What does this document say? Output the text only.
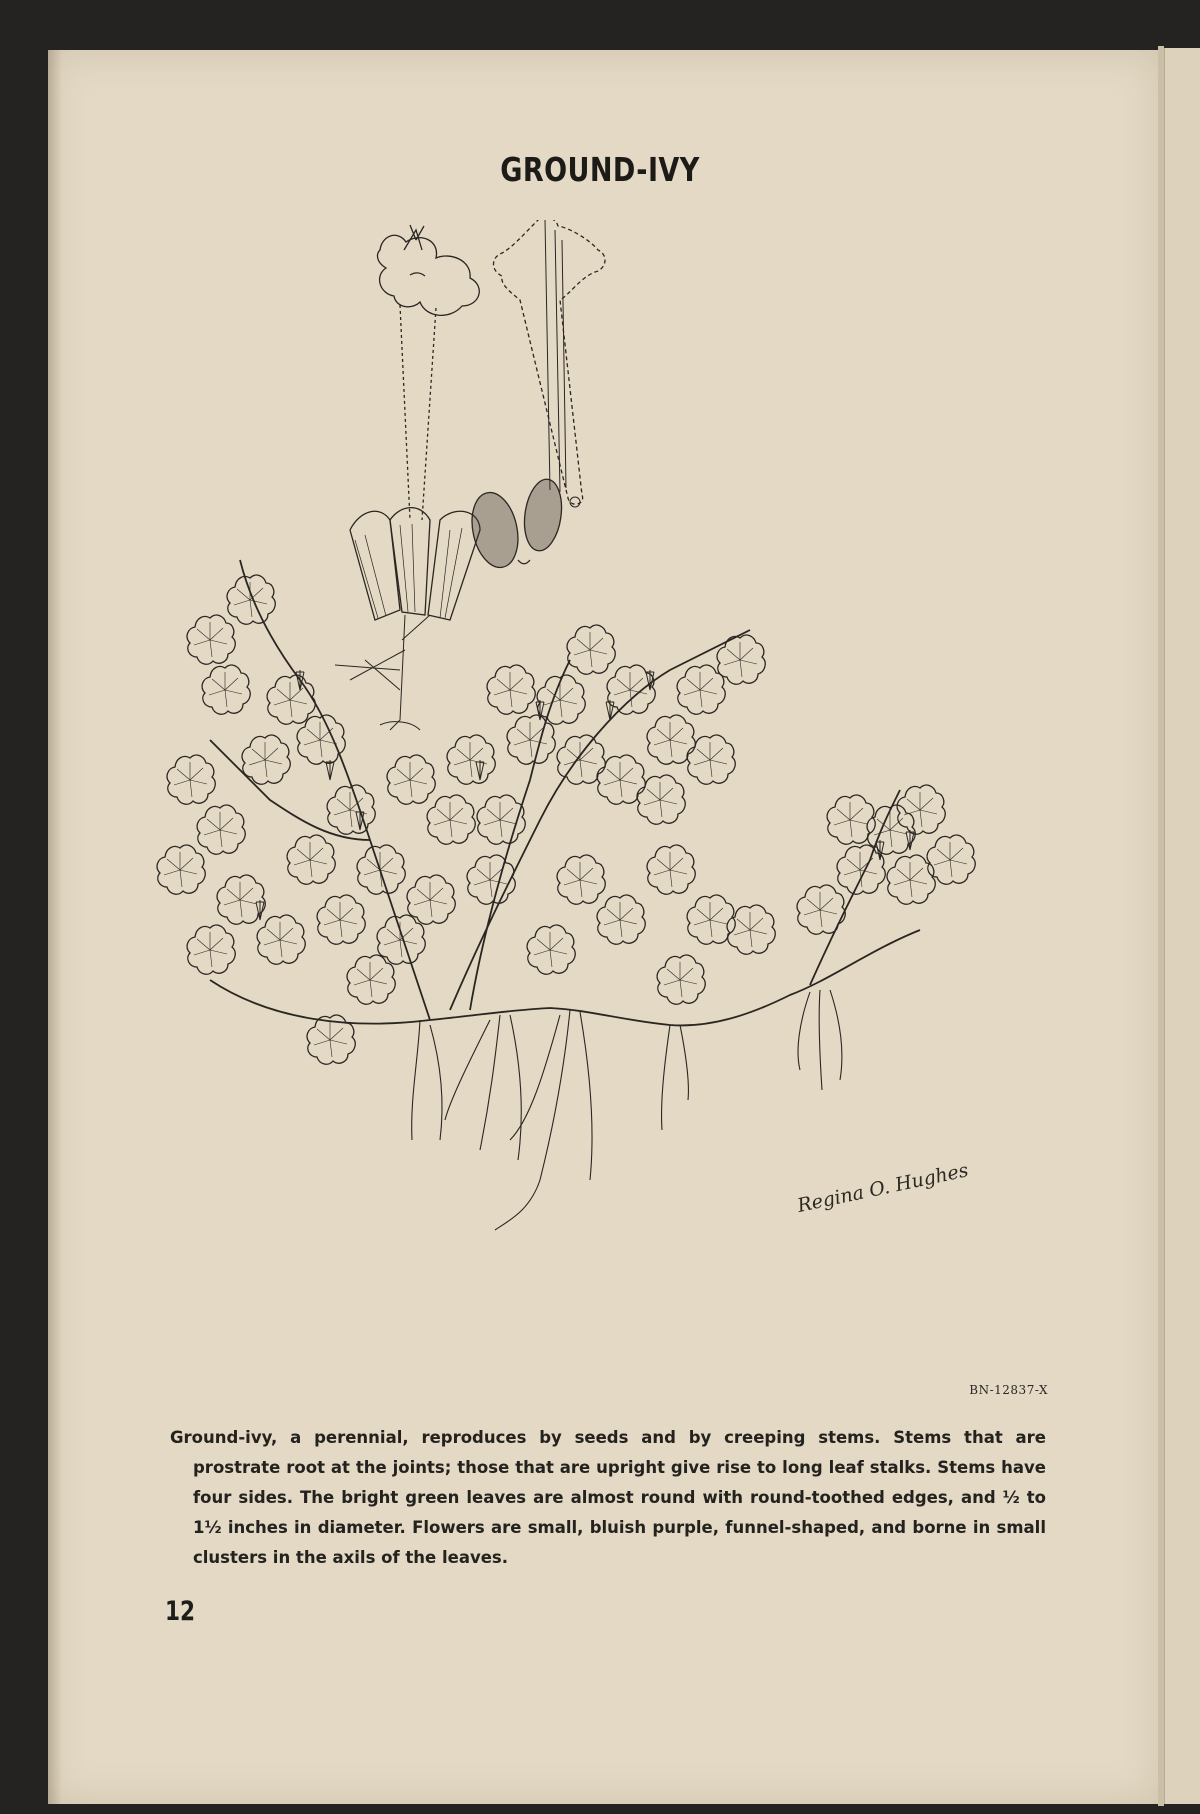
GROUND-IVY
Regina O. Hughes
BN-12837-X
Ground-ivy, a perennial, reproduces by seeds and by creeping stems. Stems that are prostrate root at the joints; those that are upright give rise to long leaf stalks. Stems have four sides. The bright green leaves are almost round with round-toothed edges, and ½ to 1½ inches in diameter. Flowers are small, bluish purple, funnel-shaped, and borne in small clusters in the axils of the leaves.
12
